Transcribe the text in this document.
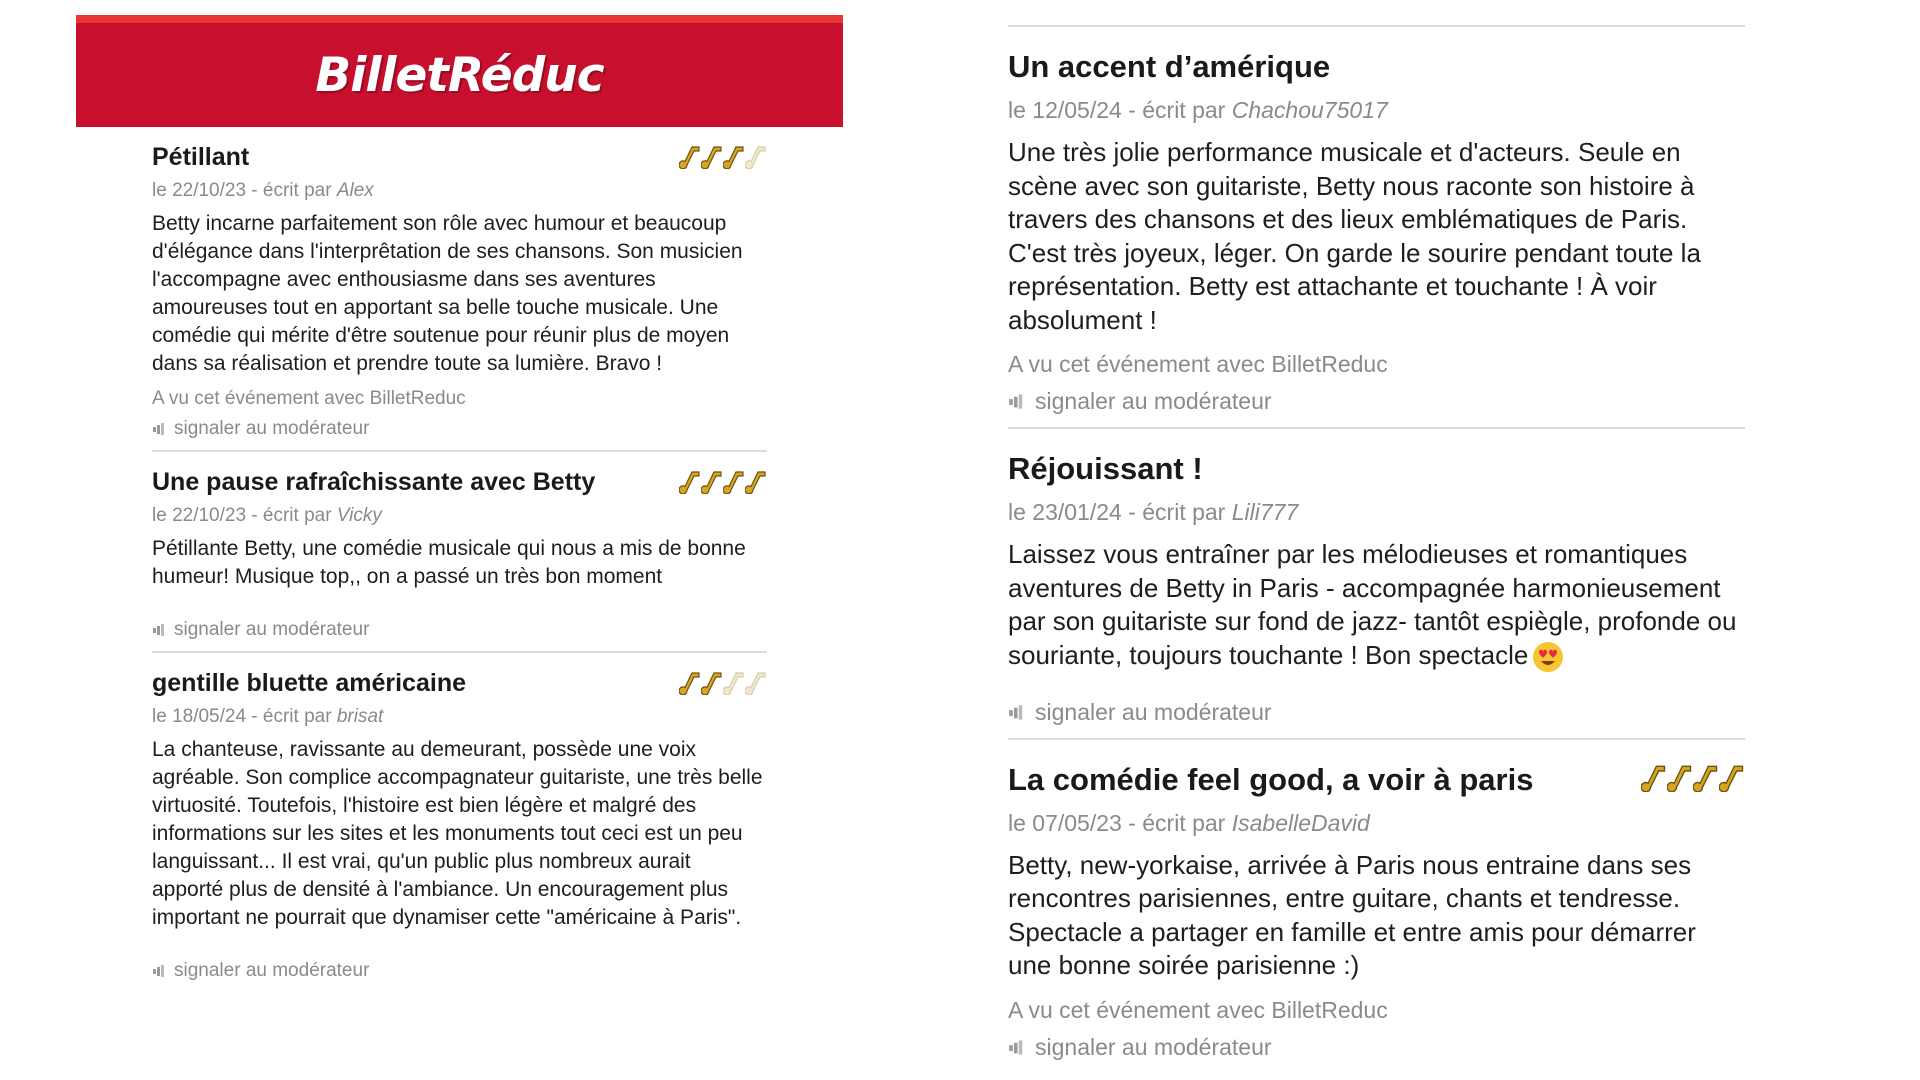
BilletRéduc
Pétillant
le 22/10/23 - écrit par Alex
Betty incarne parfaitement son rôle avec humour et beaucoup d'élégance dans l'interprêtation de ses chansons. Son musicien l'accompagne avec enthousiasme dans ses aventures amoureuses tout en apportant sa belle touche musicale. Une comédie qui mérite d'être soutenue pour réunir plus de moyen dans sa réalisation et prendre toute sa lumière. Bravo !
A vu cet événement avec BilletReduc
signaler au modérateur
Une pause rafraîchissante avec Betty
le 22/10/23 - écrit par Vicky
Pétillante Betty, une comédie musicale qui nous a mis de bonne humeur! Musique top,, on a passé un très bon moment
signaler au modérateur
gentille bluette américaine
le 18/05/24 - écrit par brisat
La chanteuse, ravissante au demeurant, possède une voix agréable. Son complice accompagnateur guitariste, une très belle virtuosité. Toutefois, l'histoire est bien légère et malgré des informations sur les sites et les monuments tout ceci est un peu languissant... Il est vrai, qu'un public plus nombreux aurait apporté plus de densité à l'ambiance. Un encouragement plus important ne pourrait que dynamiser cette "américaine à Paris".
signaler au modérateur
Un accent d’amérique
le 12/05/24 - écrit par Chachou75017
Une très jolie performance musicale et d'acteurs. Seule en scène avec son guitariste, Betty nous raconte son histoire à travers des chansons et des lieux emblématiques de Paris. C'est très joyeux, léger. On garde le sourire pendant toute la représentation. Betty est attachante et touchante ! À voir absolument !
A vu cet événement avec BilletReduc
signaler au modérateur
Réjouissant !
le 23/01/24 - écrit par Lili777
Laissez vous entraîner par les mélodieuses et romantiques aventures de Betty in Paris - accompagnée harmonieusement par son guitariste sur fond de jazz- tantôt espiègle, profonde ou souriante, toujours touchante ! Bon spectacle
signaler au modérateur
La comédie feel good, a voir à paris
le 07/05/23 - écrit par IsabelleDavid
Betty, new-yorkaise, arrivée à Paris nous entraine dans ses rencontres parisiennes, entre guitare, chants et tendresse. Spectacle a partager en famille et entre amis pour démarrer une bonne soirée parisienne :)
A vu cet événement avec BilletReduc
signaler au modérateur
